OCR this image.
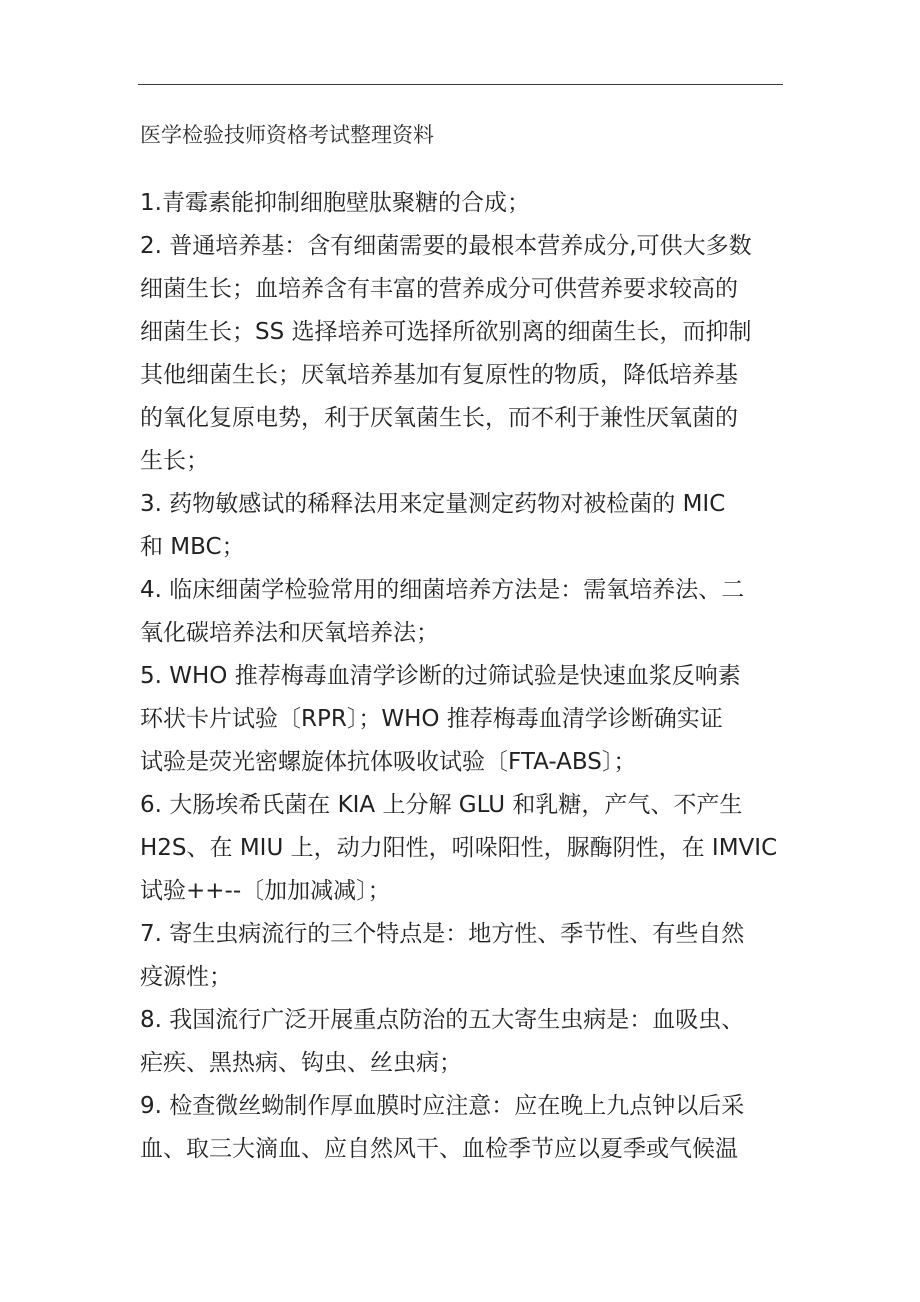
医学检验技师资格考试整理资料
1.青霉素能抑制细胞壁肽聚糖的合成；
2. 普通培养基：含有细菌需要的最根本营养成分,可供大多数
细菌生长；血培养含有丰富的营养成分可供营养要求较高的
细菌生长；SS 选择培养可选择所欲别离的细菌生长，而抑制
其他细菌生长；厌氧培养基加有复原性的物质，降低培养基
的氧化复原电势，利于厌氧菌生长，而不利于兼性厌氧菌的
生长；
3. 药物敏感试的稀释法用来定量测定药物对被检菌的 MIC
和 MBC；
4. 临床细菌学检验常用的细菌培养方法是：需氧培养法、二
氧化碳培养法和厌氧培养法；
5. WHO 推荐梅毒血清学诊断的过筛试验是快速血浆反响素
环状卡片试验〔RPR〕；WHO 推荐梅毒血清学诊断确实证
试验是荧光密螺旋体抗体吸收试验〔FTA-ABS〕；
6. 大肠埃希氏菌在 KIA 上分解 GLU 和乳糖，产气、不产生
H2S、在 MIU 上，动力阳性，吲哚阳性，脲酶阴性，在 IMVIC
试验++--〔加加减减〕；
7. 寄生虫病流行的三个特点是：地方性、季节性、有些自然
疫源性；
8. 我国流行广泛开展重点防治的五大寄生虫病是：血吸虫、
疟疾、黑热病、钩虫、丝虫病；
9. 检查微丝蚴制作厚血膜时应注意：应在晚上九点钟以后采
血、取三大滴血、应自然风干、血检季节应以夏季或气候温
